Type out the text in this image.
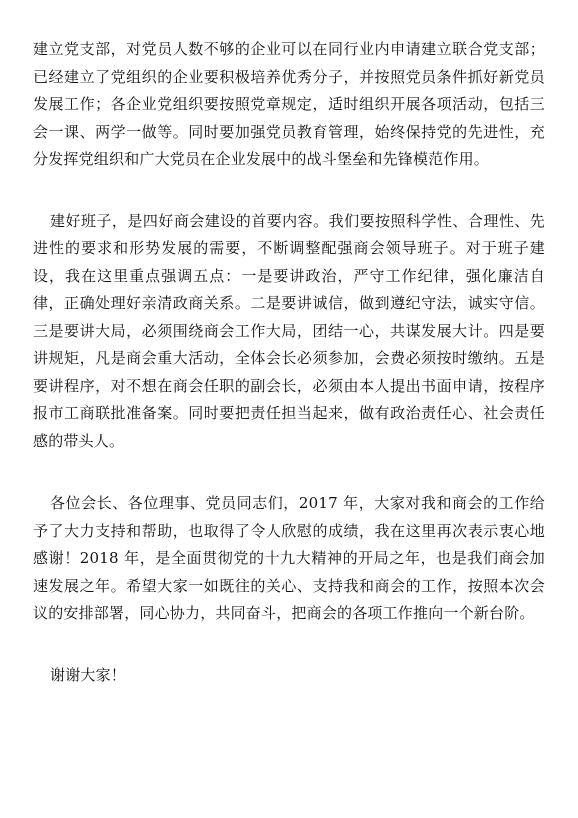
建立党支部，对党员人数不够的企业可以在同行业内申请建立联合党支部；已经建立了党组织的企业要积极培养优秀分子，并按照党员条件抓好新党员发展工作；各企业党组织要按照党章规定，适时组织开展各项活动，包括三会一课、两学一做等。同时要加强党员教育管理，始终保持党的先进性，充分发挥党组织和广大党员在企业发展中的战斗堡垒和先锋模范作用。

建好班子，是四好商会建设的首要内容。我们要按照科学性、合理性、先进性的要求和形势发展的需要，不断调整配强商会领导班子。对于班子建设，我在这里重点强调五点：一是要讲政治，严守工作纪律，强化廉洁自律，正确处理好亲清政商关系。二是要讲诚信，做到遵纪守法，诚实守信。三是要讲大局，必须围绕商会工作大局，团结一心，共谋发展大计。四是要讲规矩，凡是商会重大活动，全体会长必须参加，会费必须按时缴纳。五是要讲程序，对不想在商会任职的副会长，必须由本人提出书面申请，按程序报市工商联批准备案。同时要把责任担当起来，做有政治责任心、社会责任感的带头人。

各位会长、各位理事、党员同志们，2017 年，大家对我和商会的工作给予了大力支持和帮助，也取得了令人欣慰的成绩，我在这里再次表示衷心地感谢！2018 年，是全面贯彻党的十九大精神的开局之年，也是我们商会加速发展之年。希望大家一如既往的关心、支持我和商会的工作，按照本次会议的安排部署，同心协力，共同奋斗，把商会的各项工作推向一个新台阶。

谢谢大家！
